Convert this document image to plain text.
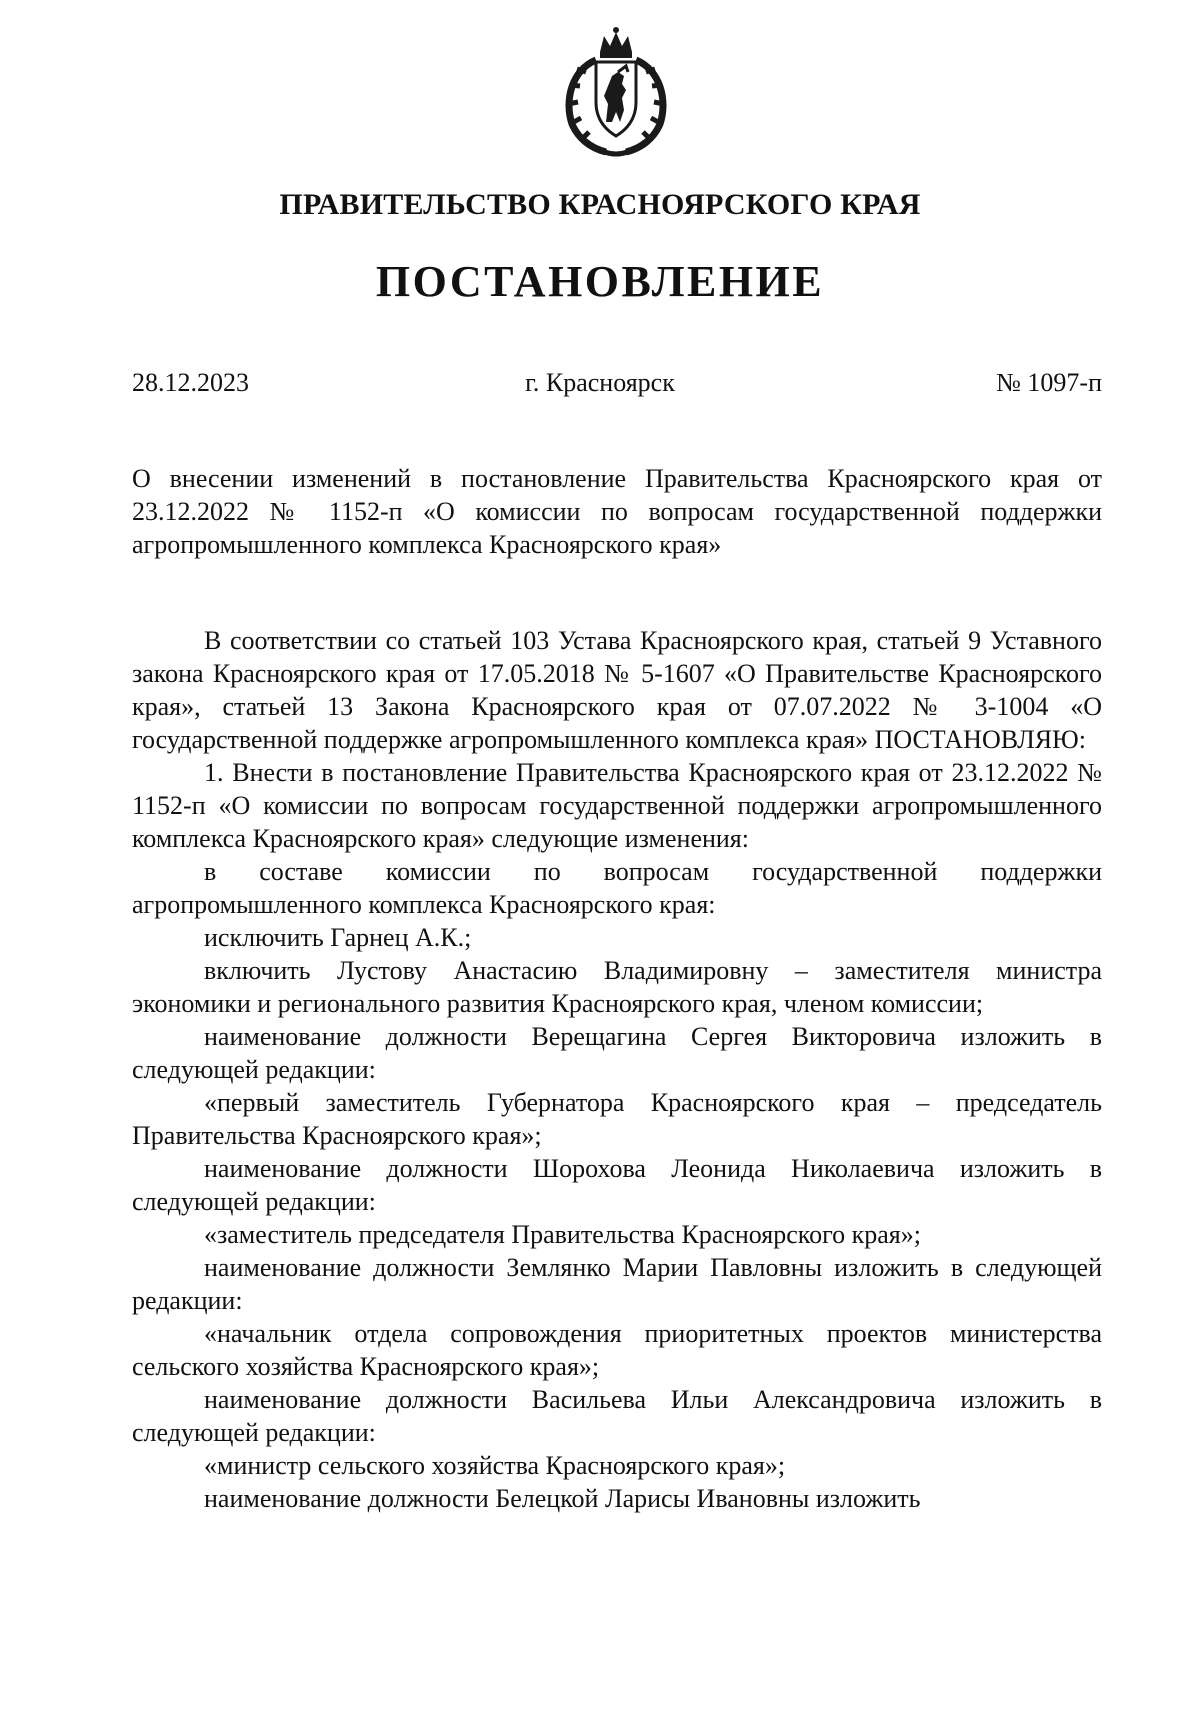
ПРАВИТЕЛЬСТВО КРАСНОЯРСКОГО КРАЯ
ПОСТАНОВЛЕНИЕ
28.12.2023	г. Красноярск	№ 1097-п
О внесении изменений в постановление Правительства Красноярского края от 23.12.2022 № 1152-п «О комиссии по вопросам государственной поддержки агропромышленного комплекса Красноярского края»

В соответствии со статьей 103 Устава Красноярского края, статьей 9 Уставного закона Красноярского края от 17.05.2018 № 5-1607 «О Правительстве Красноярского края», статьей 13 Закона Красноярского края от 07.07.2022 № 3-1004 «О государственной поддержке агропромышленного комплекса края» ПОСТАНОВЛЯЮ:

1. Внести в постановление Правительства Красноярского края от 23.12.2022 № 1152-п «О комиссии по вопросам государственной поддержки агропромышленного комплекса Красноярского края» следующие изменения:

в составе комиссии по вопросам государственной поддержки агропромышленного комплекса Красноярского края:

исключить Гарнец А.К.;

включить Лустову Анастасию Владимировну – заместителя министра экономики и регионального развития Красноярского края, членом комиссии;

наименование должности Верещагина Сергея Викторовича изложить в следующей редакции:

«первый заместитель Губернатора Красноярского края – председатель Правительства Красноярского края»;

наименование должности Шорохова Леонида Николаевича изложить в следующей редакции:

«заместитель председателя Правительства Красноярского края»;

наименование должности Землянко Марии Павловны изложить в следующей редакции:

«начальник отдела сопровождения приоритетных проектов министерства сельского хозяйства Красноярского края»;

наименование должности Васильева Ильи Александровича изложить в следующей редакции:

«министр сельского хозяйства Красноярского края»;

наименование должности Белецкой Ларисы Ивановны изложить
